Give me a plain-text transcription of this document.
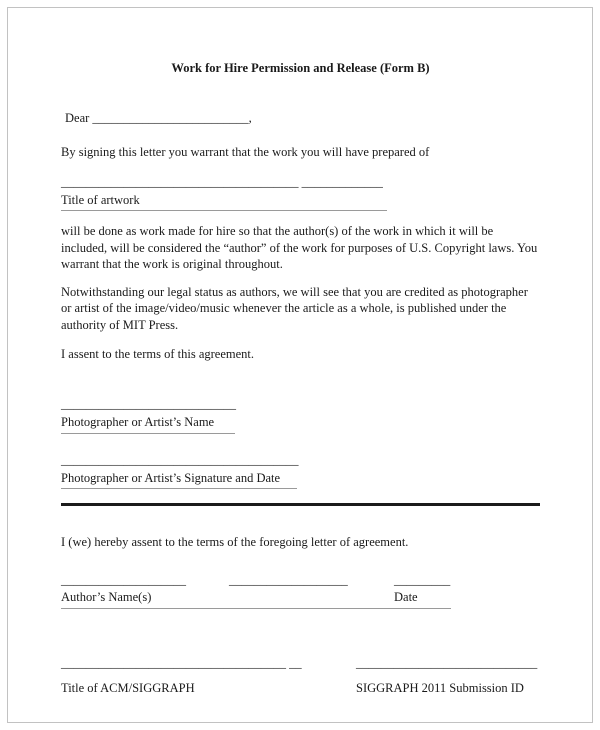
Work for Hire Permission and Release (Form B)

Dear _________________________,

By signing this letter you warrant that the work you will have prepared of

______________________________________ _____________
Title of artwork

will be done as work made for hire so that the author(s) of the work in which it will be included, will be considered the “author” of the work for purposes of U.S. Copyright laws. You warrant that the work is original throughout.

Notwithstanding our legal status as authors, we will see that you are credited as photographer or artist of the image/video/music whenever the article as a whole, is published under the authority of MIT Press.

I assent to the terms of this agreement.

____________________________
Photographer or Artist’s Name
______________________________________
Photographer or Artist’s Signature and Date

I (we) hereby assent to the terms of the foregoing letter of agreement.

____________________	___________________	_________
Author’s Name(s)	Date
____________________________________ __	_____________________________
Title of ACM/SIGGRAPH	SIGGRAPH 2011 Submission ID
